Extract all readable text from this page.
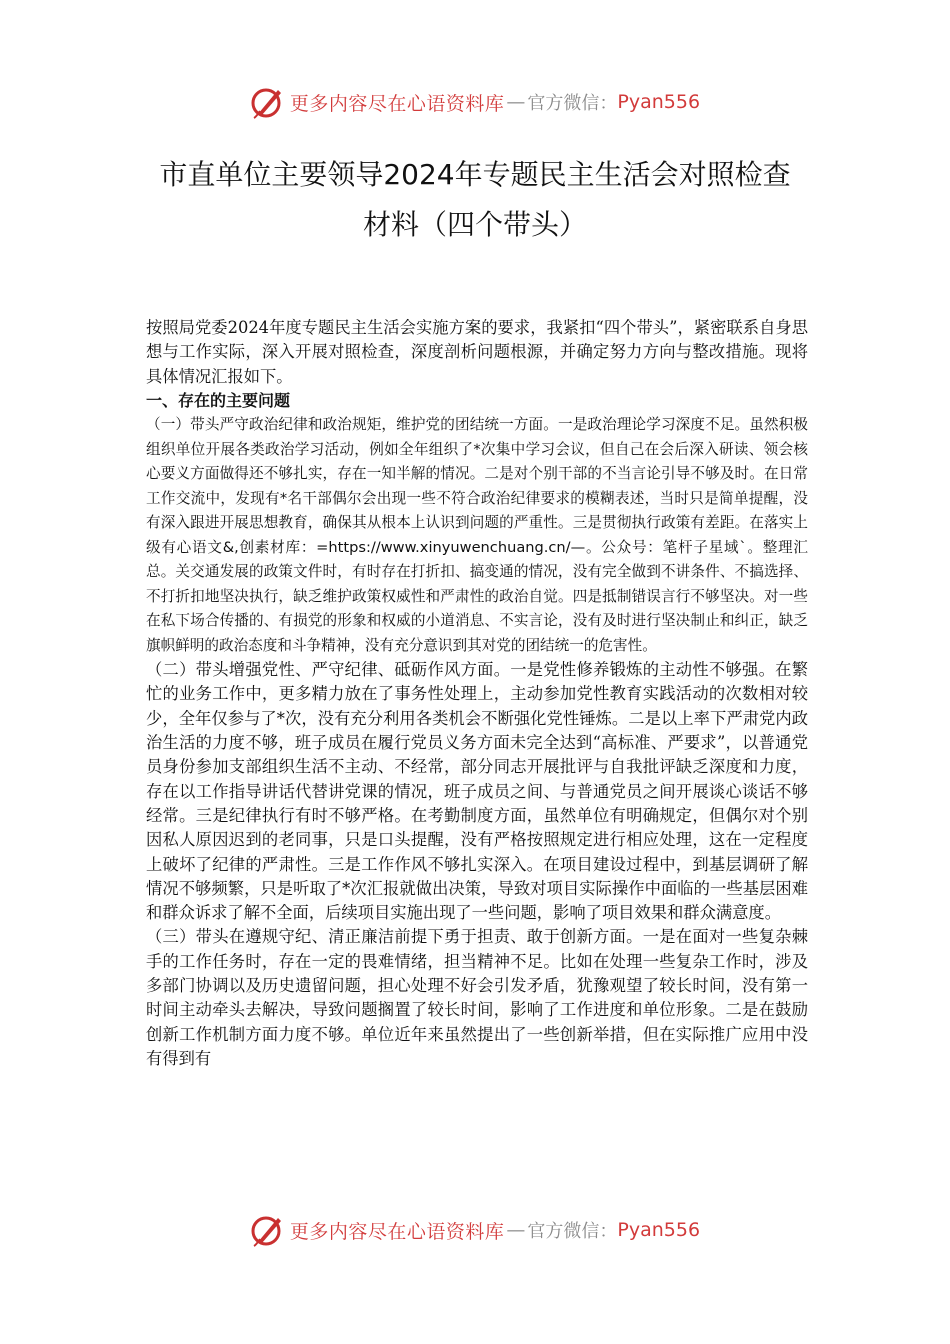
更多内容尽在心语资料库 — 官方微信： Pyan556
市直单位主要领导2024年专题民主生活会对照检查
材料（四个带头）

按照局党委2024年度专题民主生活会实施方案的要求，我紧扣“四个带头”，紧密联系自身思想与工作实际，深入开展对照检查，深度剖析问题根源，并确定努力方向与整改措施。现将具体情况汇报如下。

一、存在的主要问题

（一）带头严守政治纪律和政治规矩，维护党的团结统一方面。一是政治理论学习深度不足。虽然积极组织单位开展各类政治学习活动，例如全年组织了*次集中学习会议，但自己在会后深入研读、领会核心要义方面做得还不够扎实，存在一知半解的情况。二是对个别干部的不当言论引导不够及时。在日常工作交流中，发现有*名干部偶尔会出现一些不符合政治纪律要求的模糊表述，当时只是简单提醒，没有深入跟进开展思想教育，确保其从根本上认识到问题的严重性。三是贯彻执行政策有差距。在落实上级有心语文&,创素材库：=https://www.xinyuwenchuang.cn/—。公众号：笔杆子星域`。整理汇总。关交通发展的政策文件时，有时存在打折扣、搞变通的情况，没有完全做到不讲条件、不搞选择、不打折扣地坚决执行，缺乏维护政策权威性和严肃性的政治自觉。四是抵制错误言行不够坚决。对一些在私下场合传播的、有损党的形象和权威的小道消息、不实言论，没有及时进行坚决制止和纠正，缺乏旗帜鲜明的政治态度和斗争精神，没有充分意识到其对党的团结统一的危害性。

（二）带头增强党性、严守纪律、砥砺作风方面。一是党性修养锻炼的主动性不够强。在繁忙的业务工作中，更多精力放在了事务性处理上，主动参加党性教育实践活动的次数相对较少，全年仅参与了*次，没有充分利用各类机会不断强化党性锤炼。二是以上率下严肃党内政治生活的力度不够，班子成员在履行党员义务方面未完全达到“高标准、严要求”，以普通党员身份参加支部组织生活不主动、不经常，部分同志开展批评与自我批评缺乏深度和力度，存在以工作指导讲话代替讲党课的情况，班子成员之间、与普通党员之间开展谈心谈话不够经常。三是纪律执行有时不够严格。在考勤制度方面，虽然单位有明确规定，但偶尔对个别因私人原因迟到的老同事，只是口头提醒，没有严格按照规定进行相应处理，这在一定程度上破坏了纪律的严肃性。三是工作作风不够扎实深入。在项目建设过程中，到基层调研了解情况不够频繁，只是听取了*次汇报就做出决策，导致对项目实际操作中面临的一些基层困难和群众诉求了解不全面，后续项目实施出现了一些问题，影响了项目效果和群众满意度。

（三）带头在遵规守纪、清正廉洁前提下勇于担责、敢于创新方面。一是在面对一些复杂棘手的工作任务时，存在一定的畏难情绪，担当精神不足。比如在处理一些复杂工作时，涉及多部门协调以及历史遗留问题，担心处理不好会引发矛盾，犹豫观望了较长时间，没有第一时间主动牵头去解决，导致问题搁置了较长时间，影响了工作进度和单位形象。二是在鼓励创新工作机制方面力度不够。单位近年来虽然提出了一些创新举措，但在实际推广应用中没有得到有

更多内容尽在心语资料库 — 官方微信： Pyan556
